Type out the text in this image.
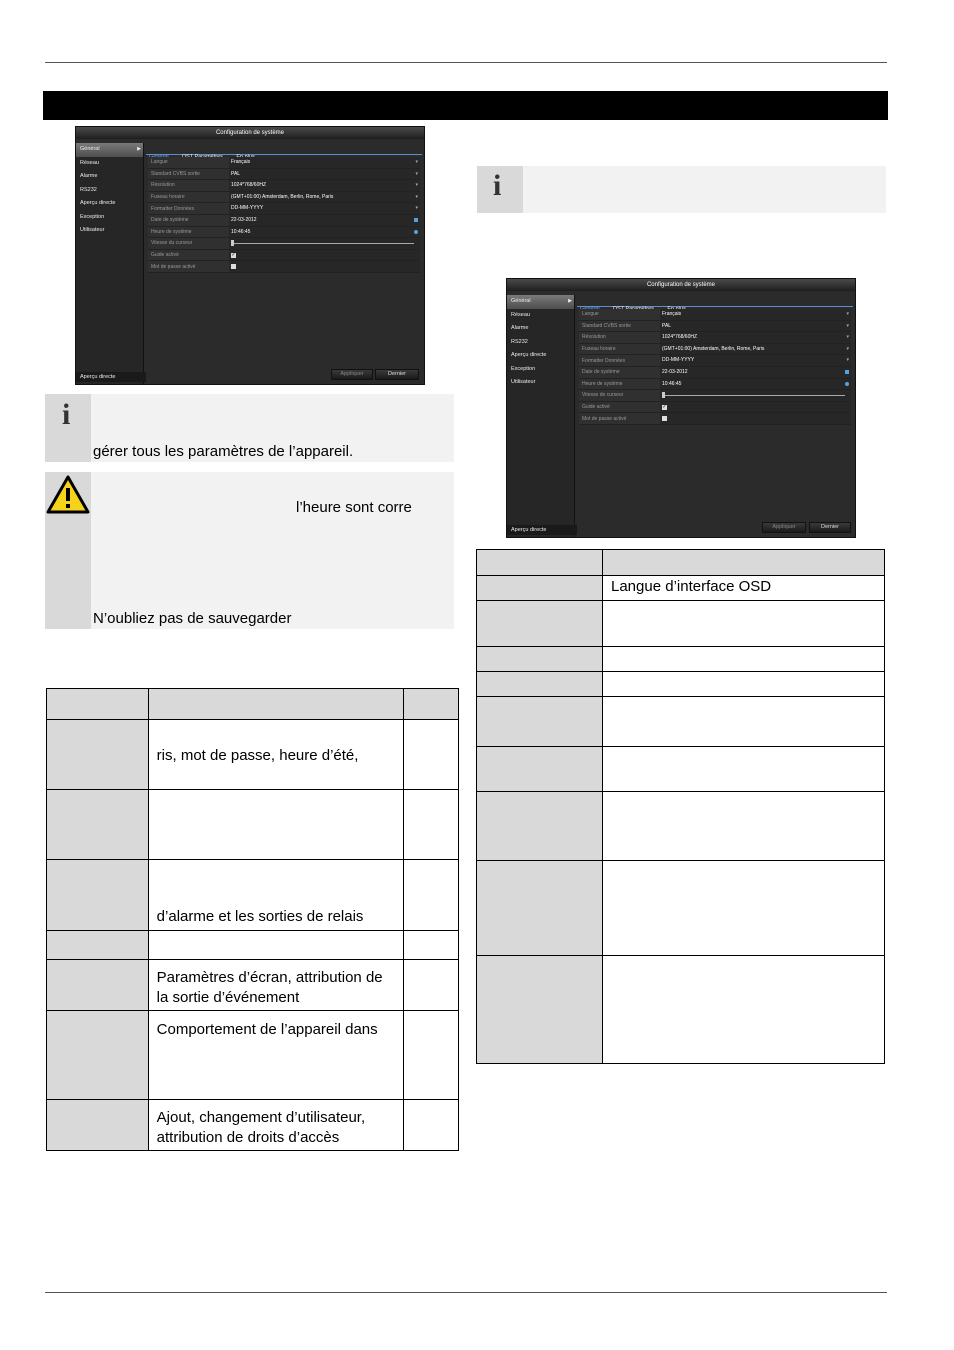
Configuration de système
Général ▶
Réseau
Alarme
RS232
Aperçu directe
Exception
Utilisateur
Aperçu directe

Langue	Français	▾
Standard CVBS sortie	PAL	▾
Résolution	1024*768/60HZ	▾
Fuseau horaire	(GMT+01:00) Amsterdam, Berlin, Rome, Paris	▾
Formatter Données	DD-MM-YYYY	▾
Date de système	22-03-2012
Heure de système	10:46:45
Vitesse du curseur
Guide activé	✓
Mot de passe activé
Appliquer	Dernier
i
gérer tous les paramètres de l’appareil.
l’heure sont corre
N’oubliez pas de sauvegarder

	ris, mot de passe, heure d’été,	

	d’alarme et les sorties de relais	

	Paramètres d’écran, attribution de la sortie d’événement	

	Comportement de l’appareil dans	

	Ajout, changement d’utilisateur, attribution de droits d’accès	

i
Configuration de système
Général ▶
Réseau
Alarme
RS232
Aperçu directe
Exception
Utilisateur
Aperçu directe

Langue	Français	▾
Standard CVBS sortie	PAL	▾
Résolution	1024*768/60HZ	▾
Fuseau horaire	(GMT+01:00) Amsterdam, Berlin, Rome, Paris	▾
Formatter Données	DD-MM-YYYY	▾
Date de système	22-03-2012
Heure de système	10:46:45
Vitesse de curseur
Guide activé	✓
Mot de passe activé
Appliquer	Dernier

	Langue d’interface OSD
